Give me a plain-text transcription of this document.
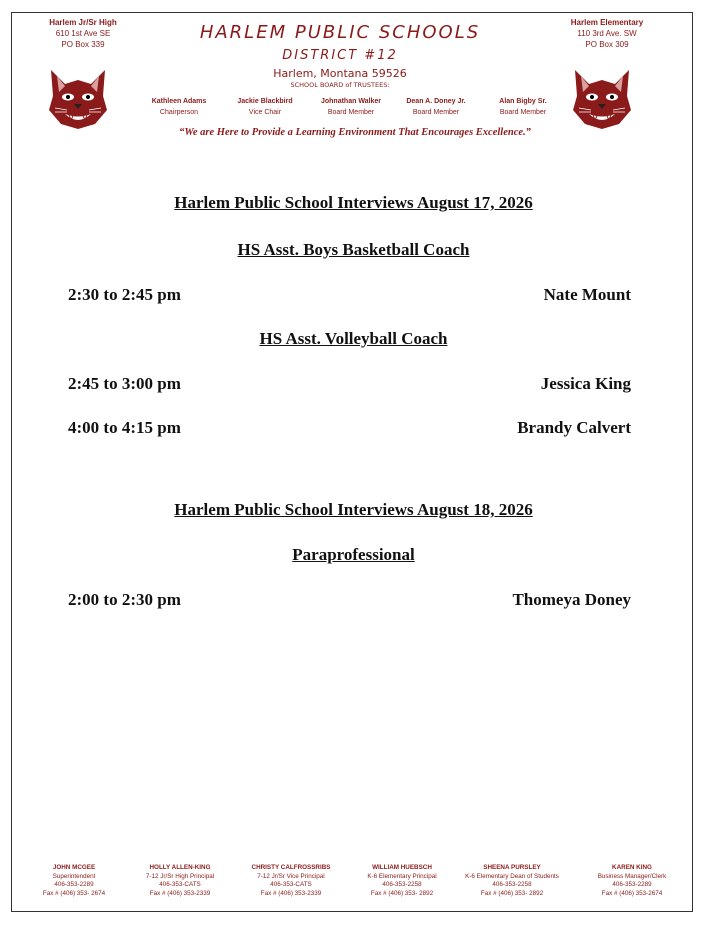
Harlem Jr/Sr High
610 1st Ave SE
PO Box 339
Harlem Elementary
110 3rd Ave. SW
PO Box 309
HARLEM PUBLIC SCHOOLS
DISTRICT #12
Harlem, Montana 59526
SCHOOL BOARD of TRUSTEES:
Kathleen Adams
Chairperson
Jackie Blackbird
Vice Chair
Johnathan Walker
Board Member
Dean A. Doney Jr.
Board Member
Alan Bigby Sr.
Board Member
“We are Here to Provide a Learning Environment That Encourages Excellence.”
Harlem Public School Interviews August 17, 2026
HS Asst. Boys Basketball Coach
2:30 to 2:45 pm	Nate Mount
HS Asst. Volleyball Coach
2:45 to 3:00 pm	Jessica King
4:00 to 4:15 pm	Brandy Calvert
Harlem Public School Interviews August 18, 2026
Paraprofessional
2:00 to 2:30 pm	Thomeya Doney
JOHN MCGEE
Superintendent
406-353-2289
Fax # (406) 353- 2674
HOLLY ALLEN-KING
7-12 Jr/Sr High Principal
406-353-CATS
Fax # (406) 353-2339
CHRISTY CALFROSSRIBS
7-12 Jr/Sr Vice Principal
406-353-CATS
Fax # (406) 353-2339
WILLIAM HUEBSCH
K-6 Elementary Principal
406-353-2258
Fax # (406) 353- 2892
SHEENA PURSLEY
K-6 Elementary Dean of Students
406-353-2258
Fax # (406) 353- 2892
KAREN KING
Business Manager/Clerk
406-353-2289
Fax # (406) 353-2674
